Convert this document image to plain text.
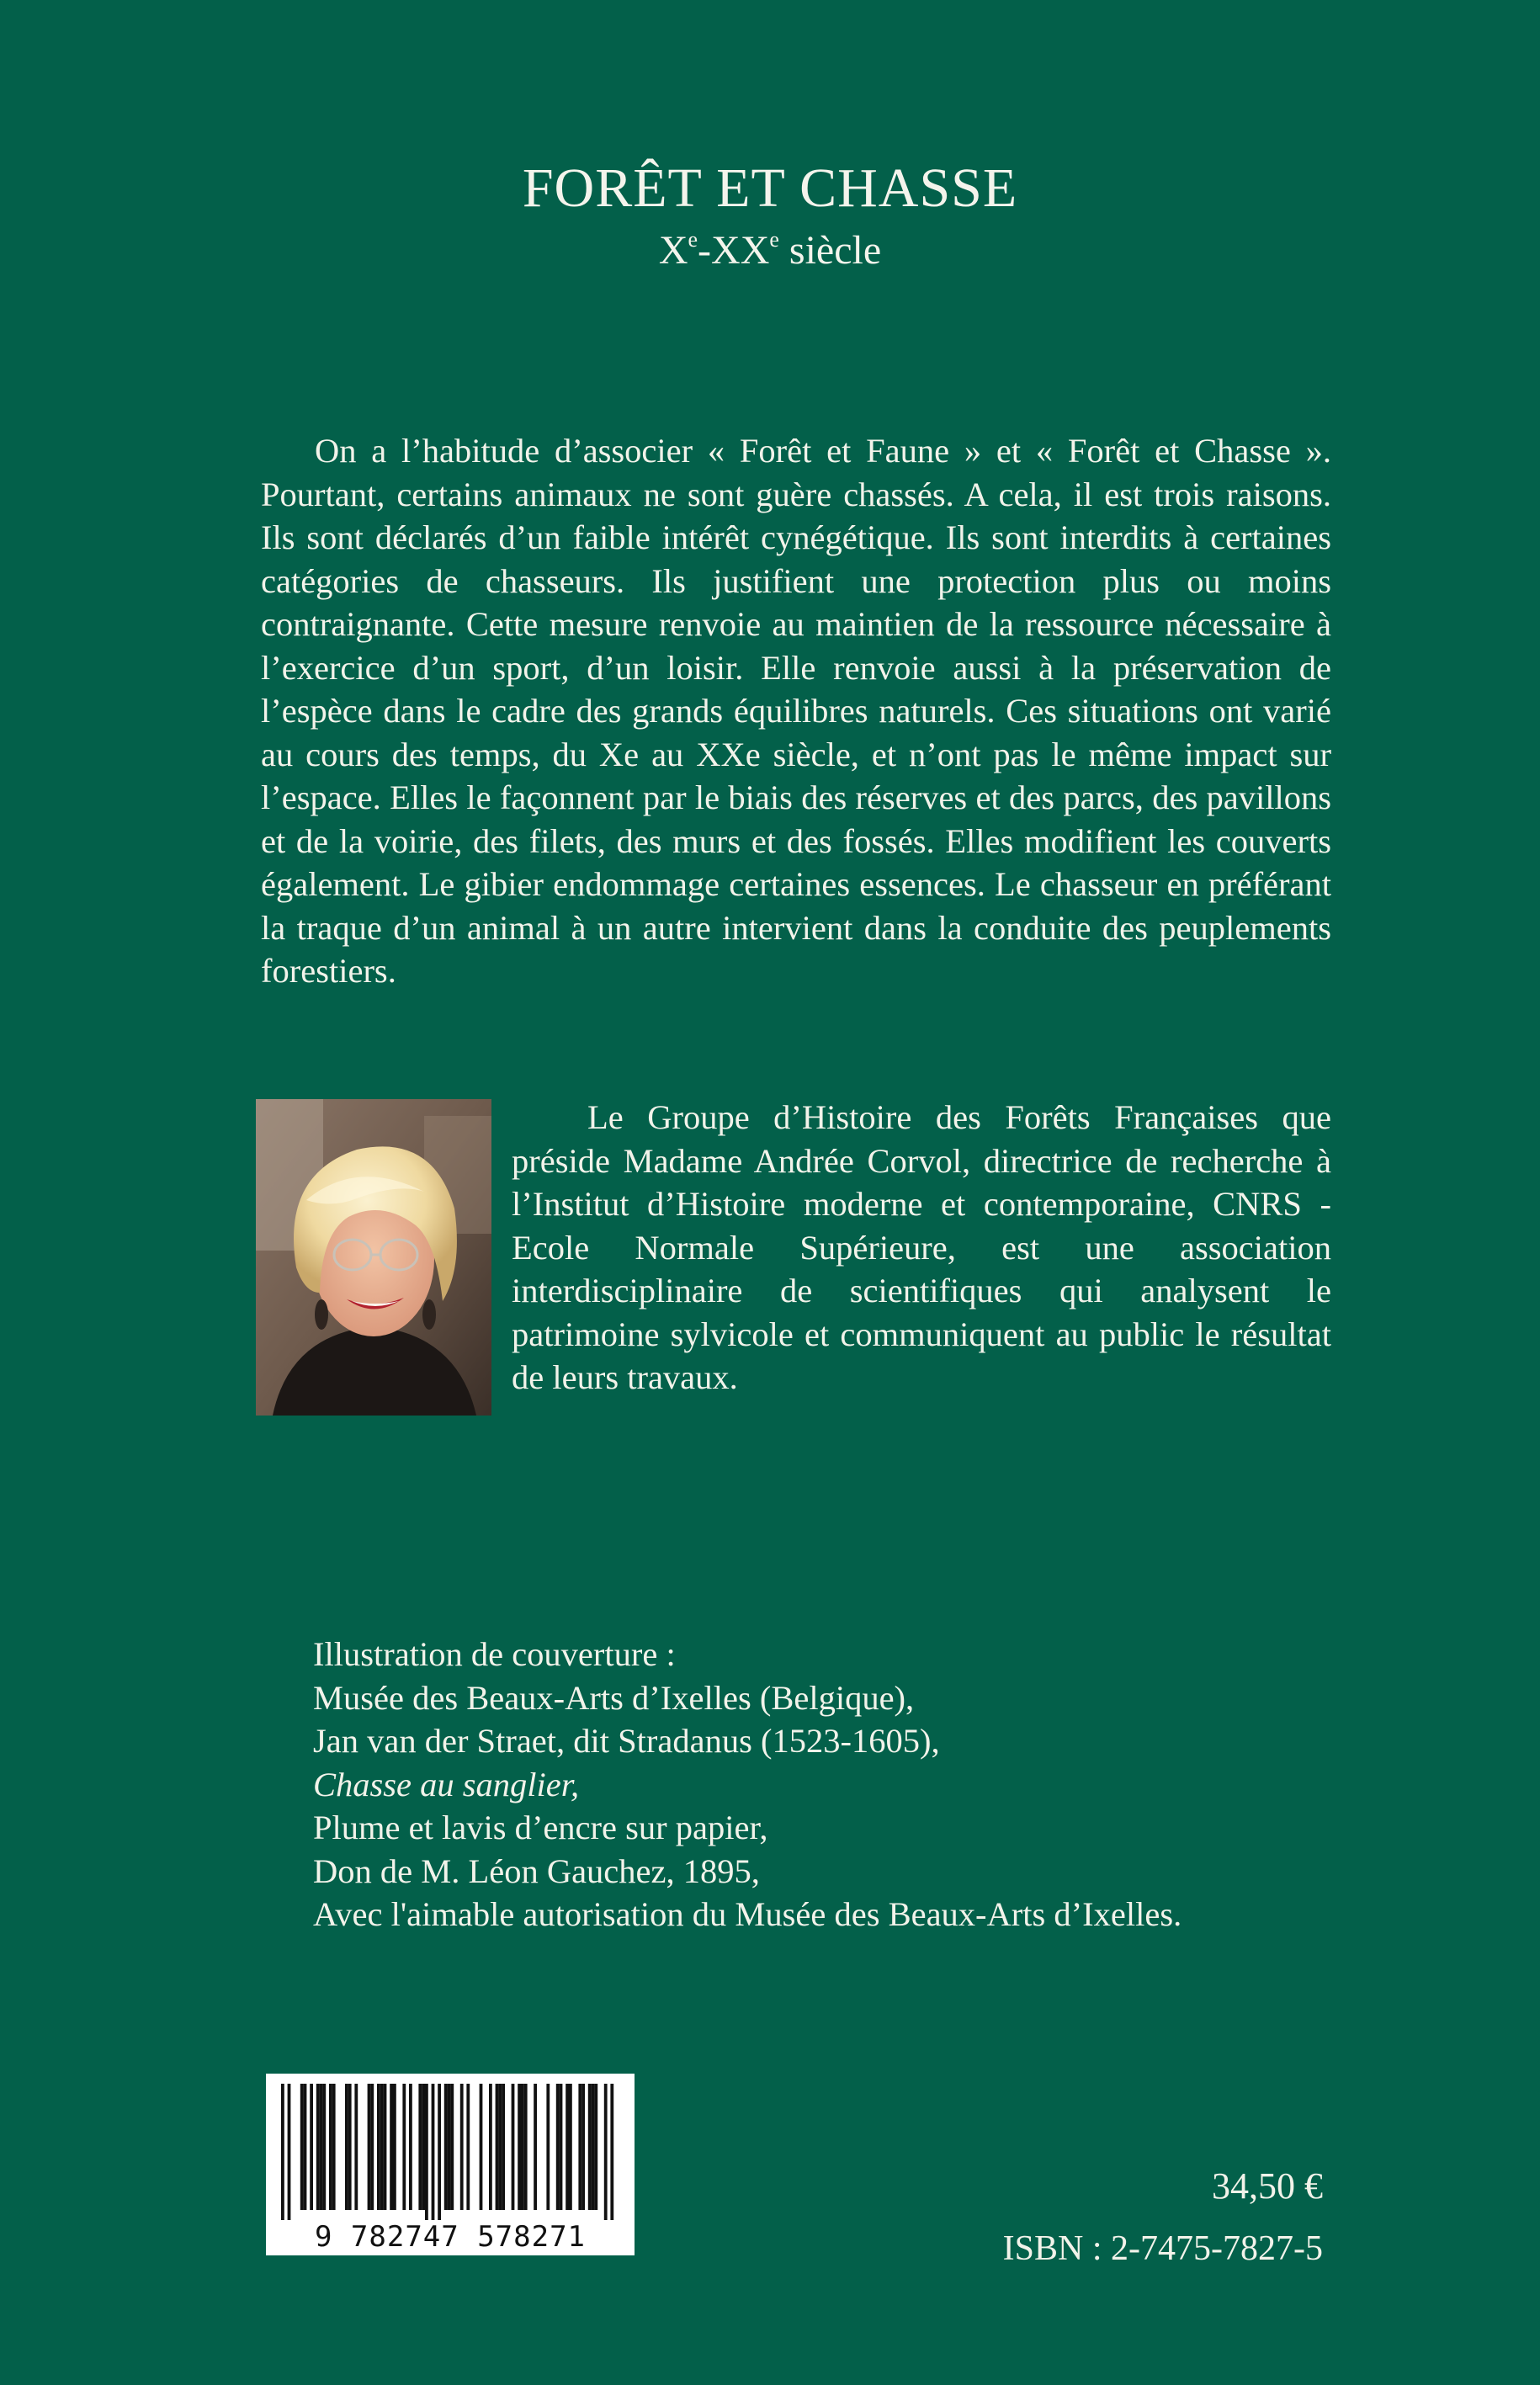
FORÊT ET CHASSE
Xe-XXe siècle

On a l’habitude d’associer « Forêt et Faune » et « Forêt et Chasse ». Pourtant, certains animaux ne sont guère chassés. A cela, il est trois raisons. Ils sont déclarés d’un faible intérêt cynégétique. Ils sont interdits à certaines catégories de chasseurs. Ils justifient une protection plus ou moins contraignante. Cette mesure renvoie au maintien de la ressource nécessaire à l’exercice d’un sport, d’un loisir. Elle renvoie aussi à la préservation de l’espèce dans le cadre des grands équilibres naturels. Ces situations ont varié au cours des temps, du Xe au XXe siècle, et n’ont pas le même impact sur l’espace. Elles le façonnent par le biais des réserves et des parcs, des pavillons et de la voirie, des filets, des murs et des fossés. Elles modifient les couverts également. Le gibier endommage certaines essences. Le chasseur en préférant la traque d’un animal à un autre intervient dans la conduite des peuplements forestiers.

Le Groupe d’Histoire des Forêts Françaises que préside Madame Andrée Corvol, directrice de recherche à l’Institut d’Histoire moderne et contemporaine, CNRS - Ecole Normale Supérieure, est une association interdisciplinaire de scientifiques qui analysent le patrimoine sylvicole et communiquent au public le résultat de leurs travaux.

Illustration de couverture :
Musée des Beaux-Arts d’Ixelles (Belgique),
Jan van der Straet, dit Stradanus (1523-1605),
Chasse au sanglier,
Plume et lavis d’encre sur papier,
Don de M. Léon Gauchez, 1895,
Avec l'aimable autorisation du Musée des Beaux-Arts d’Ixelles.
9 782747 578271
34,50 €
ISBN : 2-7475-7827-5
